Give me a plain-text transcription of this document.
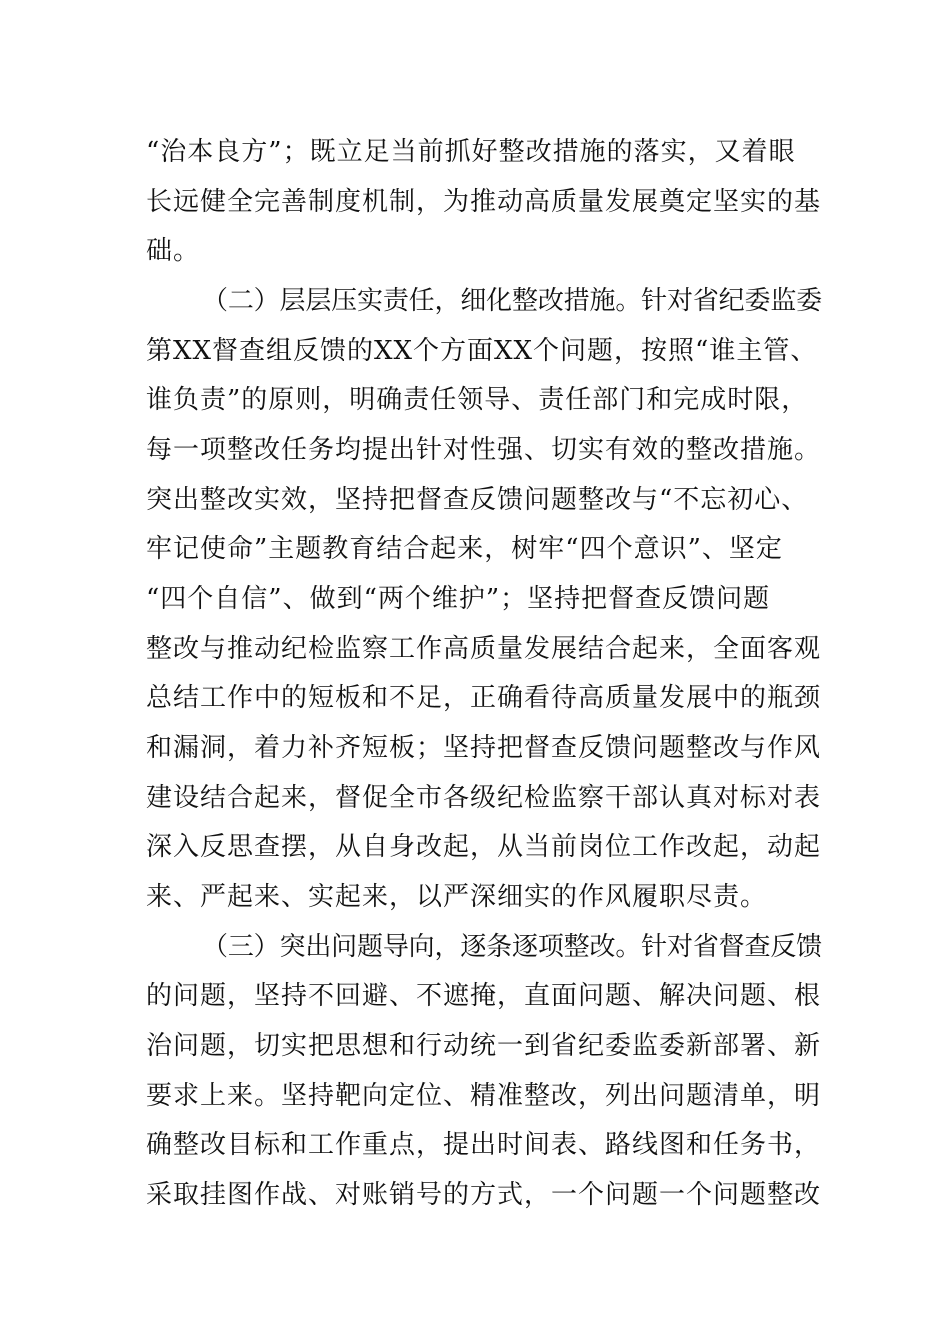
“治本良方”；既立足当前抓好整改措施的落实，又着眼
长远健全完善制度机制，为推动高质量发展奠定坚实的基
础。
（二）层层压实责任，细化整改措施。针对省纪委监委
第XX督查组反馈的XX个方面XX个问题，按照“谁主管、
谁负责”的原则，明确责任领导、责任部门和完成时限，
每一项整改任务均提出针对性强、切实有效的整改措施。
突出整改实效，坚持把督查反馈问题整改与“不忘初心、
牢记使命”主题教育结合起来，树牢“四个意识”、坚定
“四个自信”、做到“两个维护”；坚持把督查反馈问题
整改与推动纪检监察工作高质量发展结合起来，全面客观
总结工作中的短板和不足，正确看待高质量发展中的瓶颈
和漏洞，着力补齐短板；坚持把督查反馈问题整改与作风
建设结合起来，督促全市各级纪检监察干部认真对标对表
深入反思查摆，从自身改起，从当前岗位工作改起，动起
来、严起来、实起来，以严深细实的作风履职尽责。
（三）突出问题导向，逐条逐项整改。针对省督查反馈
的问题，坚持不回避、不遮掩，直面问题、解决问题、根
治问题，切实把思想和行动统一到省纪委监委新部署、新
要求上来。坚持靶向定位、精准整改，列出问题清单，明
确整改目标和工作重点，提出时间表、路线图和任务书，
采取挂图作战、对账销号的方式，一个问题一个问题整改
